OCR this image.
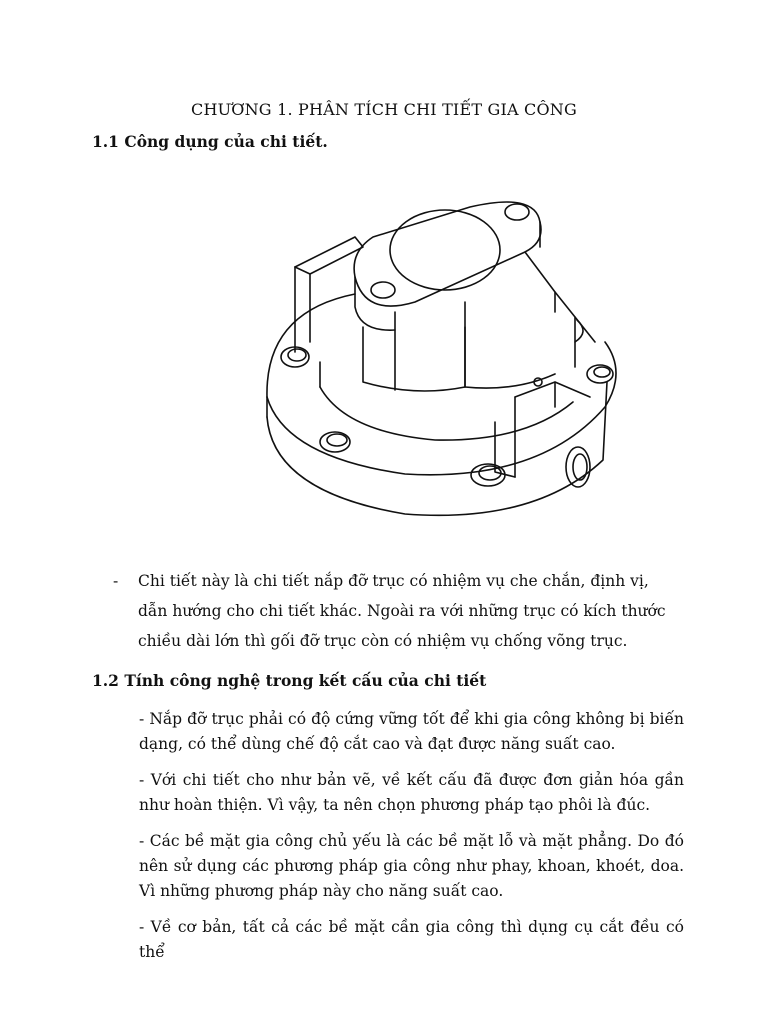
CHƯƠNG 1. PHÂN TÍCH CHI TIẾT GIA CÔNG
1.1 Công dụng của chi tiết.
- Chi tiết này là chi tiết nắp đỡ trục có nhiệm vụ che chắn, định vị, dẫn hướng cho chi tiết khác. Ngoài ra với những trục có kích thước chiều dài lớn thì gối đỡ trục còn có nhiệm vụ chống võng trục.
1.2 Tính công nghệ trong kết cấu của chi tiết
- Nắp đỡ trục phải có độ cứng vững tốt để khi gia công không bị biến dạng, có thể dùng chế độ cắt cao và đạt được năng suất cao.
- Với chi tiết cho như bản vẽ, về kết cấu đã được đơn giản hóa gần như hoàn thiện. Vì vậy, ta nên chọn phương pháp tạo phôi là đúc.
- Các bề mặt gia công chủ yếu là các bề mặt lỗ và mặt phẳng. Do đó nên sử dụng các phương pháp gia công như phay, khoan, khoét, doa. Vì những phương pháp này cho năng suất cao.
- Về cơ bản, tất cả các bề mặt cần gia công thì dụng cụ cắt đều có thể
